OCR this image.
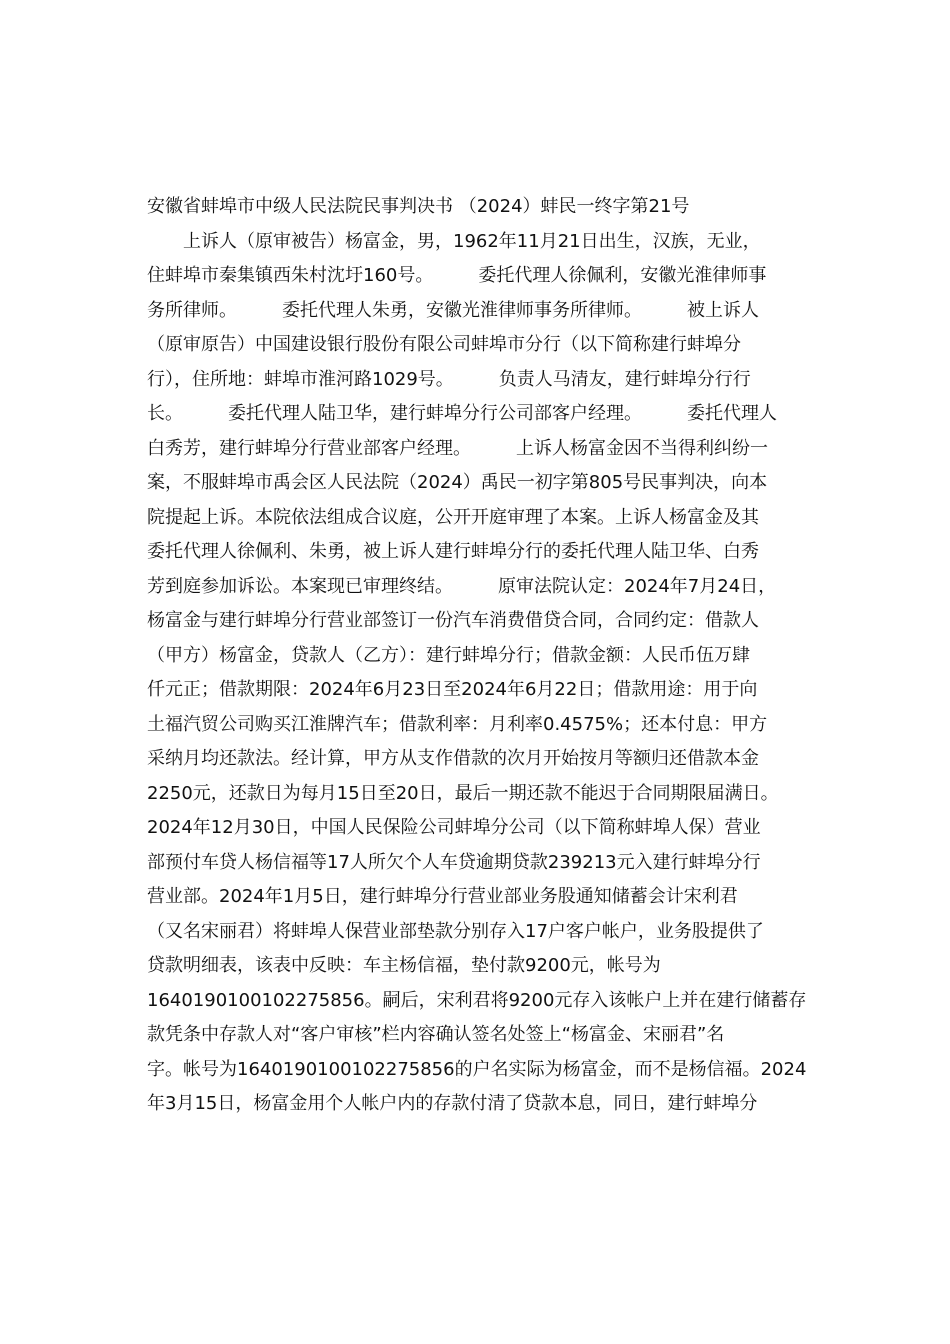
安徽省蚌埠市中级人民法院民事判决书 （2024）蚌民一终字第21号
　　上诉人（原审被告）杨富金，男，1962年11月21日出生，汉族，无业，
住蚌埠市秦集镇西朱村沈圩160号。　　　委托代理人徐佩利，安徽光淮律师事
务所律师。　　　委托代理人朱勇，安徽光淮律师事务所律师。　　　被上诉人
（原审原告）中国建设银行股份有限公司蚌埠市分行（以下简称建行蚌埠分
行），住所地：蚌埠市淮河路1029号。　　　负责人马清友，建行蚌埠分行行
长。　　　委托代理人陆卫华，建行蚌埠分行公司部客户经理。　　　委托代理人
白秀芳，建行蚌埠分行营业部客户经理。　　　上诉人杨富金因不当得利纠纷一
案，不服蚌埠市禹会区人民法院（2024）禹民一初字第805号民事判决，向本
院提起上诉。本院依法组成合议庭，公开开庭审理了本案。上诉人杨富金及其
委托代理人徐佩利、朱勇，被上诉人建行蚌埠分行的委托代理人陆卫华、白秀
芳到庭参加诉讼。本案现已审理终结。　　　原审法院认定：2024年7月24日，
杨富金与建行蚌埠分行营业部签订一份汽车消费借贷合同，合同约定：借款人
（甲方）杨富金，贷款人（乙方）：建行蚌埠分行；借款金额：人民币伍万肆
仟元正；借款期限：2024年6月23日至2024年6月22日；借款用途：用于向
土福汽贸公司购买江淮牌汽车；借款利率：月利率0.4575%；还本付息：甲方
采纳月均还款法。经计算，甲方从支作借款的次月开始按月等额归还借款本金
2250元，还款日为每月15日至20日，最后一期还款不能迟于合同期限届满日。
2024年12月30日，中国人民保险公司蚌埠分公司（以下简称蚌埠人保）营业
部预付车贷人杨信福等17人所欠个人车贷逾期贷款239213元入建行蚌埠分行
营业部。2024年1月5日，建行蚌埠分行营业部业务股通知储蓄会计宋利君
（又名宋丽君）将蚌埠人保营业部垫款分别存入17户客户帐户，业务股提供了
贷款明细表，该表中反映：车主杨信福，垫付款9200元，帐号为
1640190100102275856。嗣后，宋利君将9200元存入该帐户上并在建行储蓄存
款凭条中存款人对“客户审核”栏内容确认签名处签上“杨富金、宋丽君”名
字。帐号为1640190100102275856的户名实际为杨富金，而不是杨信福。2024
年3月15日，杨富金用个人帐户内的存款付清了贷款本息，同日，建行蚌埠分
